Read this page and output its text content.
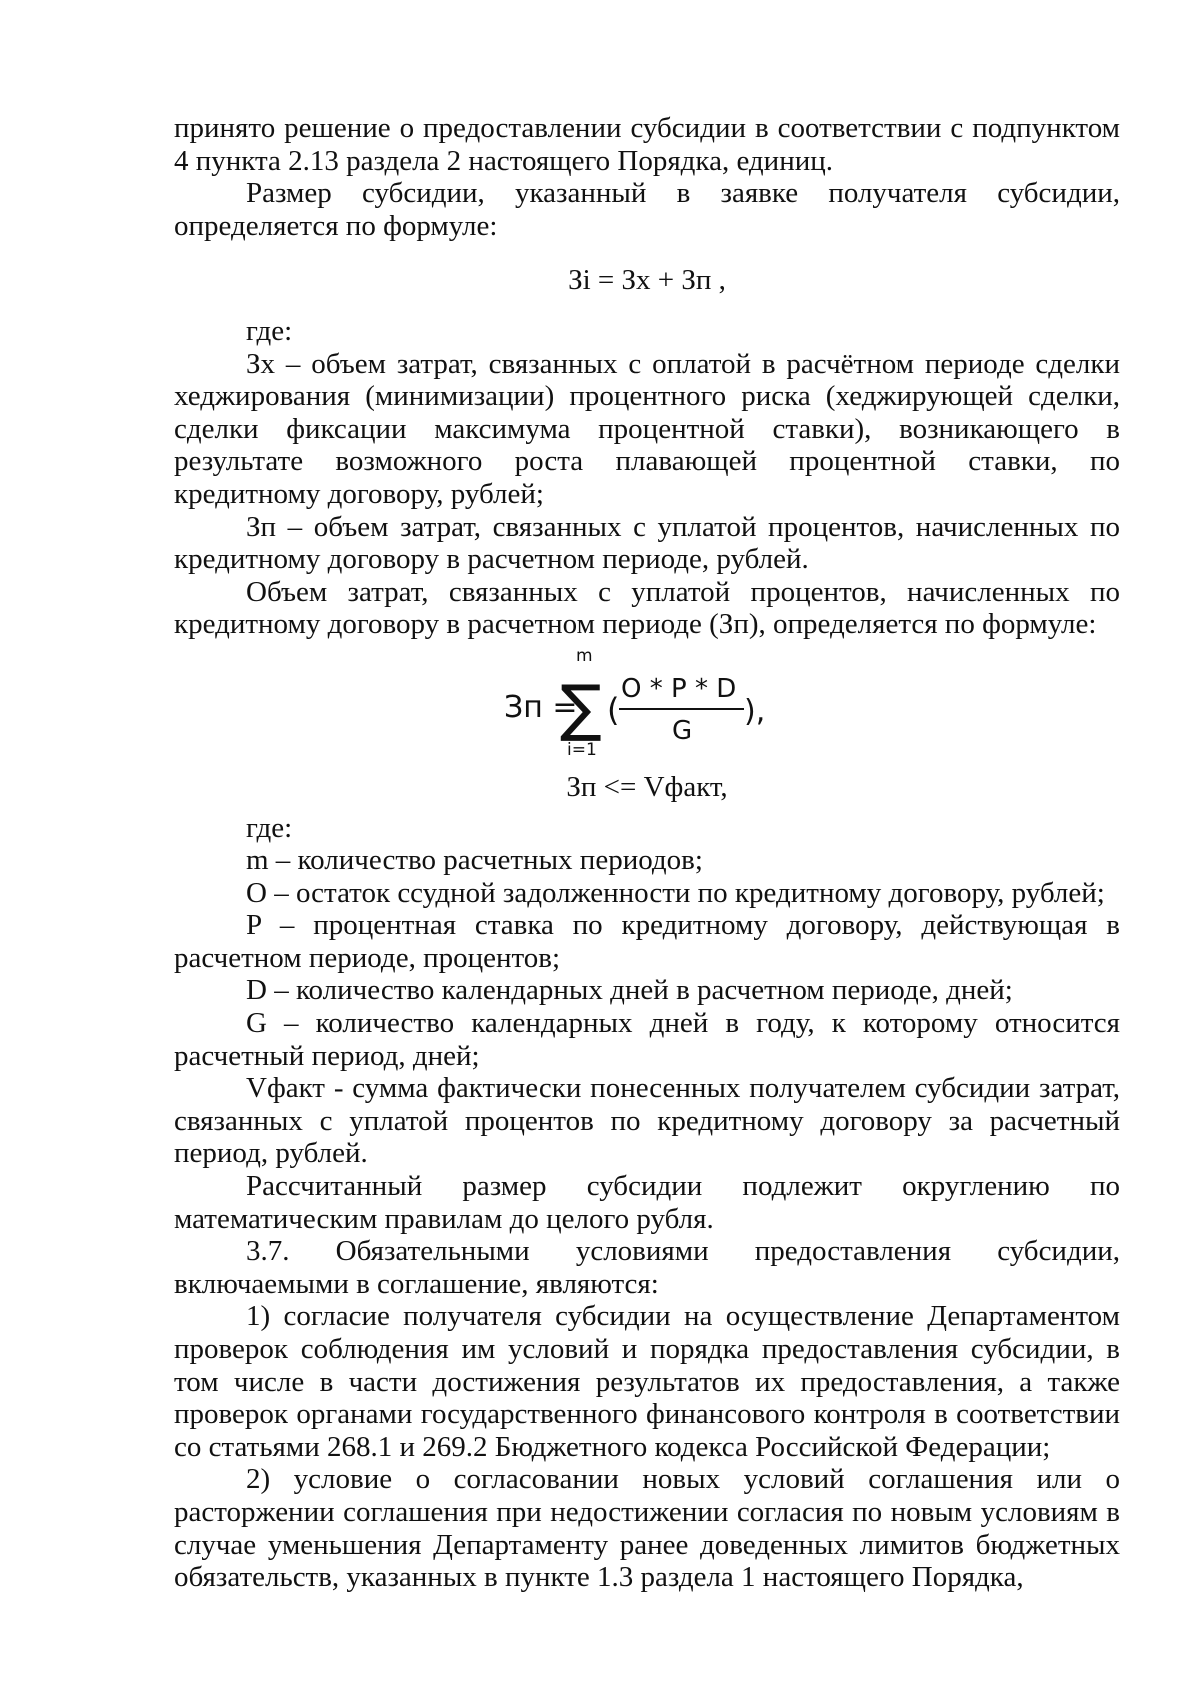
принято решение о предоставлении субсидии в соответствии с подпунктом 4 пункта 2.13 раздела 2 настоящего Порядка, единиц.

Размер субсидии, указанный в заявке получателя субсидии, определяется по формуле:

Зi = Зх + Зп ,

где:

Зх – объем затрат, связанных с оплатой в расчётном периоде сделки хеджирования (минимизации) процентного риска (хеджирующей сделки, сделки фиксации максимума процентной ставки), возникающего в результате возможного роста плавающей процентной ставки, по кредитному договору, рублей;

Зп – объем затрат, связанных с уплатой процентов, начисленных по кредитному договору в расчетном периоде, рублей.

Объем затрат, связанных с уплатой процентов, начисленных по кредитному договору в расчетном периоде (Зп), определяется по формуле:

Зп =
m
∑
i=1
(
O * P * D
G
),

Зп <= Vфакт,

где:

m – количество расчетных периодов;

О – остаток ссудной задолженности по кредитному договору, рублей;

P – процентная ставка по кредитному договору, действующая в расчетном периоде, процентов;

D – количество календарных дней в расчетном периоде, дней;

G – количество календарных дней в году, к которому относится расчетный период, дней;

Vфакт - сумма фактически понесенных получателем субсидии затрат, связанных с уплатой процентов по кредитному договору за расчетный период, рублей.

Рассчитанный размер субсидии подлежит округлению по математическим правилам до целого рубля.

3.7. Обязательными условиями предоставления субсидии, включаемыми в соглашение, являются:

1) согласие получателя субсидии на осуществление Департаментом проверок соблюдения им условий и порядка предоставления субсидии, в том числе в части достижения результатов их предоставления, а также проверок органами государственного финансового контроля в соответствии со статьями 268.1 и 269.2 Бюджетного кодекса Российской Федерации;

2) условие о согласовании новых условий соглашения или о расторжении соглашения при недостижении согласия по новым условиям в случае уменьшения Департаменту ранее доведенных лимитов бюджетных обязательств, указанных в пункте 1.3 раздела 1 настоящего Порядка,
